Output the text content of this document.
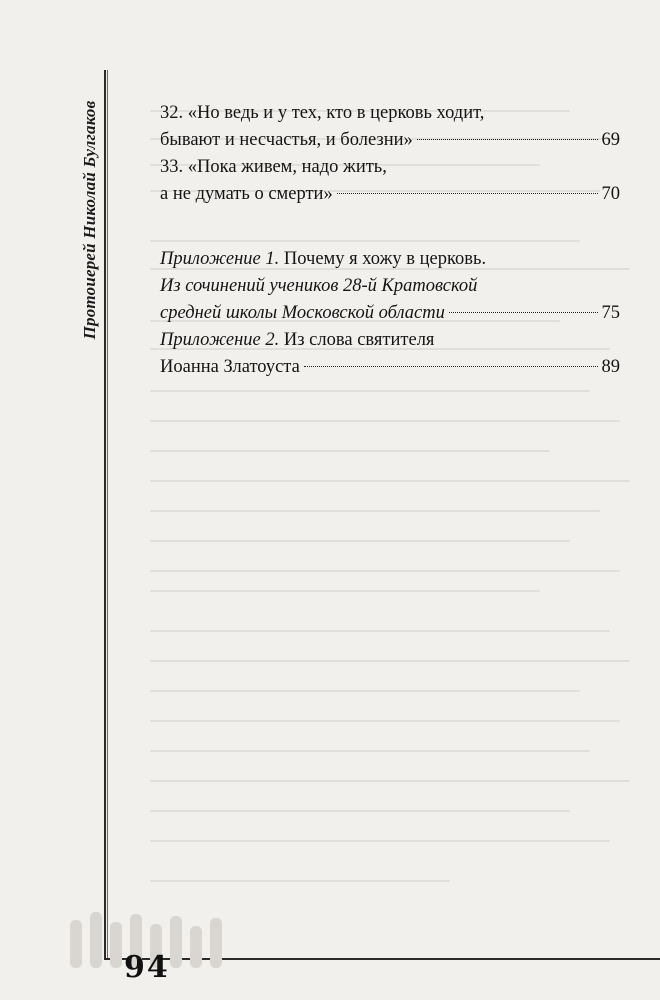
Протоиерей Николай Булгаков
94
32. «Но ведь и у тех, кто в церковь ходит,
бывают и несчастья, и болезни»	69
33. «Пока живем, надо жить,
а не думать о смерти»	70
Приложение 1. Почему я хожу в церковь.
Из сочинений учеников 28-й Кратовской
средней школы Московской области	75
Приложение 2. Из слова святителя
Иоанна Златоуста	89
